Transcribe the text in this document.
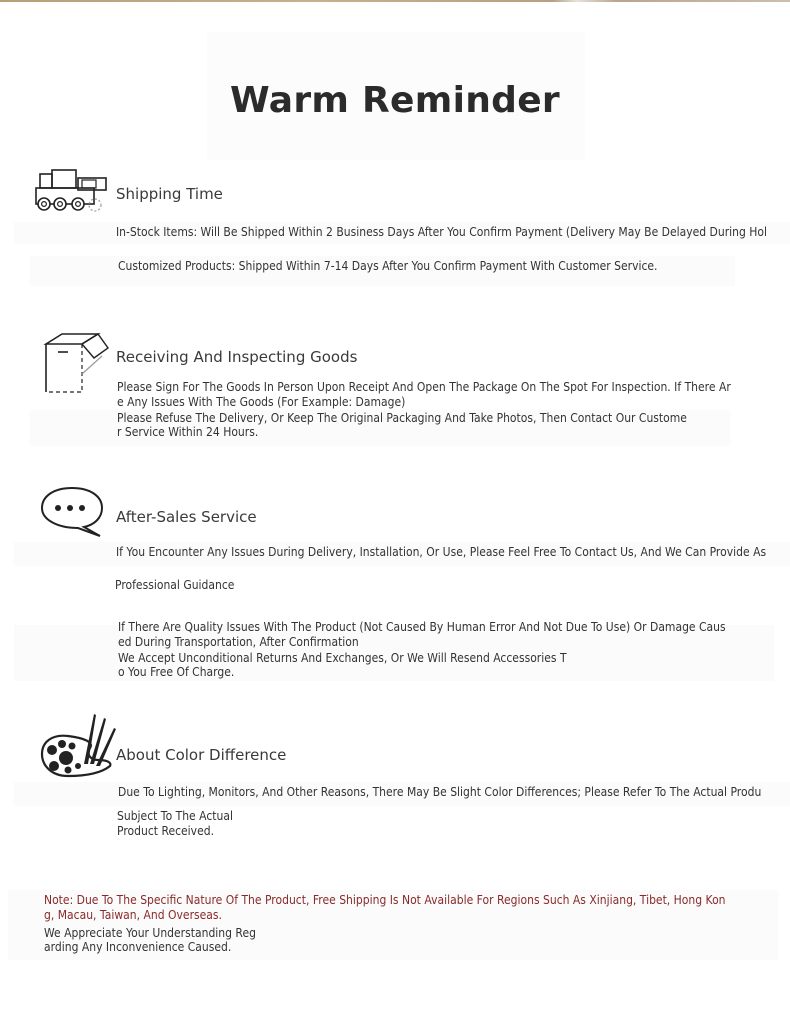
Warm Reminder
Shipping Time
In-Stock Items: Will Be Shipped Within 2 Business Days After You Confirm Payment (Delivery May Be Delayed During Hol
Customized Products: Shipped Within 7-14 Days After You Confirm Payment With Customer Service.
Receiving And Inspecting Goods
Please Sign For The Goods In Person Upon Receipt And Open The Package On The Spot For Inspection. If There Ar
e Any Issues With The Goods (For Example: Damage)
Please Refuse The Delivery, Or Keep The Original Packaging And Take Photos, Then Contact Our Custome
r Service Within 24 Hours.
After-Sales Service
If You Encounter Any Issues During Delivery, Installation, Or Use, Please Feel Free To Contact Us, And We Can Provide As
Professional Guidance
If There Are Quality Issues With The Product (Not Caused By Human Error And Not Due To Use) Or Damage Caus
ed During Transportation, After Confirmation
We Accept Unconditional Returns And Exchanges, Or We Will Resend Accessories T
o You Free Of Charge.
About Color Difference
Due To Lighting, Monitors, And Other Reasons, There May Be Slight Color Differences; Please Refer To The Actual Produ
Subject To The Actual
Product Received.
Note: Due To The Specific Nature Of The Product, Free Shipping Is Not Available For Regions Such As Xinjiang, Tibet, Hong Kon
g, Macau, Taiwan, And Overseas.
We Appreciate Your Understanding Reg
arding Any Inconvenience Caused.
